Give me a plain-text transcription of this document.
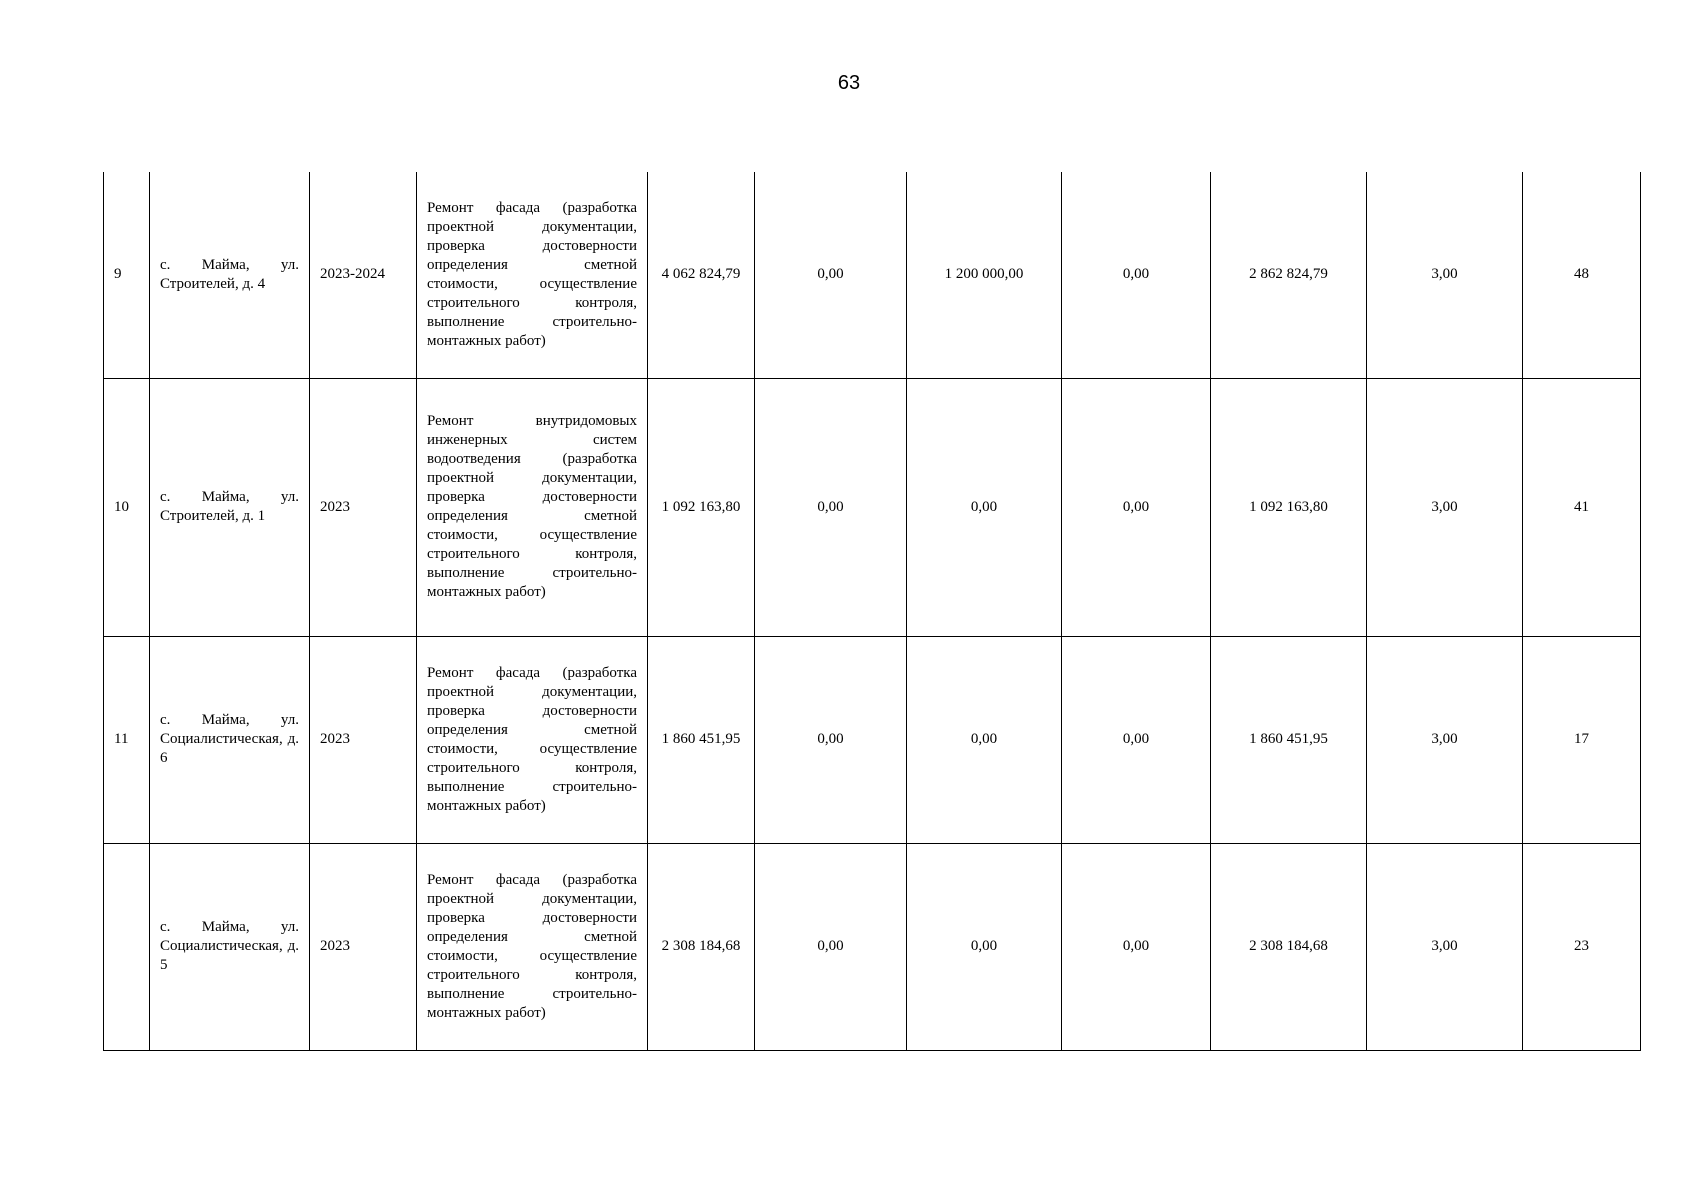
63
9	с. Майма, ул. Строителей, д. 4	2023-2024	Ремонт фасада (разработка проектной документации, проверка достоверности определения сметной стоимости, осуществление строительного контроля, выполнение строительно-монтажных работ)	4 062 824,79	0,00	1 200 000,00	0,00	2 862 824,79	3,00	48
10	с. Майма, ул. Строителей, д. 1	2023	Ремонт внутридомовых инженерных систем водоотведения (разработка проектной документации, проверка достоверности определения сметной стоимости, осуществление строительного контроля, выполнение строительно-монтажных работ)	1 092 163,80	0,00	0,00	0,00	1 092 163,80	3,00	41
11	с. Майма, ул. Социалистическая, д. 6	2023	Ремонт фасада (разработка проектной документации, проверка достоверности определения сметной стоимости, осуществление строительного контроля, выполнение строительно-монтажных работ)	1 860 451,95	0,00	0,00	0,00	1 860 451,95	3,00	17
	с. Майма, ул. Социалистическая, д. 5	2023	Ремонт фасада (разработка проектной документации, проверка достоверности определения сметной стоимости, осуществление строительного контроля, выполнение строительно-монтажных работ)	2 308 184,68	0,00	0,00	0,00	2 308 184,68	3,00	23
